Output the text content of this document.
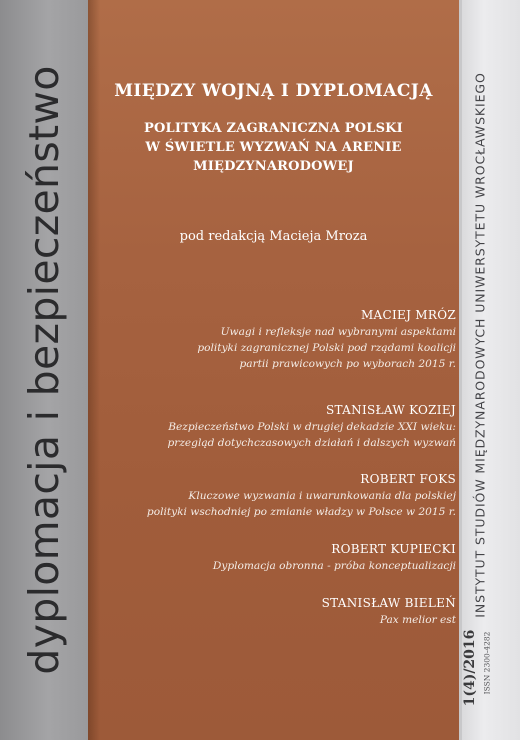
dyplomacja i bezpieczeństwo	INSTYTUT STUDIÓW MIĘDZYNARODOWYCH UNIWERSYTETU WROCŁAWSKIEGO
1(4)/2016 ISSN 2300-4282
MIĘDZY WOJNĄ I DYPLOMACJĄ
POLITYKA ZAGRANICZNA POLSKI
W ŚWIETLE WYZWAŃ NA ARENIE
MIĘDZYNARODOWEJ
pod redakcją Macieja Mroza
MACIEJ MRÓZ
Uwagi i refleksje nad wybranymi aspektami
polityki zagranicznej Polski pod rządami koalicji
partii prawicowych po wyborach 2015 r.
STANISŁAW KOZIEJ
Bezpieczeństwo Polski w drugiej dekadzie XXI wieku:
przegląd dotychczasowych działań i dalszych wyzwań
ROBERT FOKS
Kluczowe wyzwania i uwarunkowania dla polskiej
polityki wschodniej po zmianie władzy w Polsce w 2015 r.
ROBERT KUPIECKI
Dyplomacja obronna - próba konceptualizacji
STANISŁAW BIELEŃ
Pax melior est
